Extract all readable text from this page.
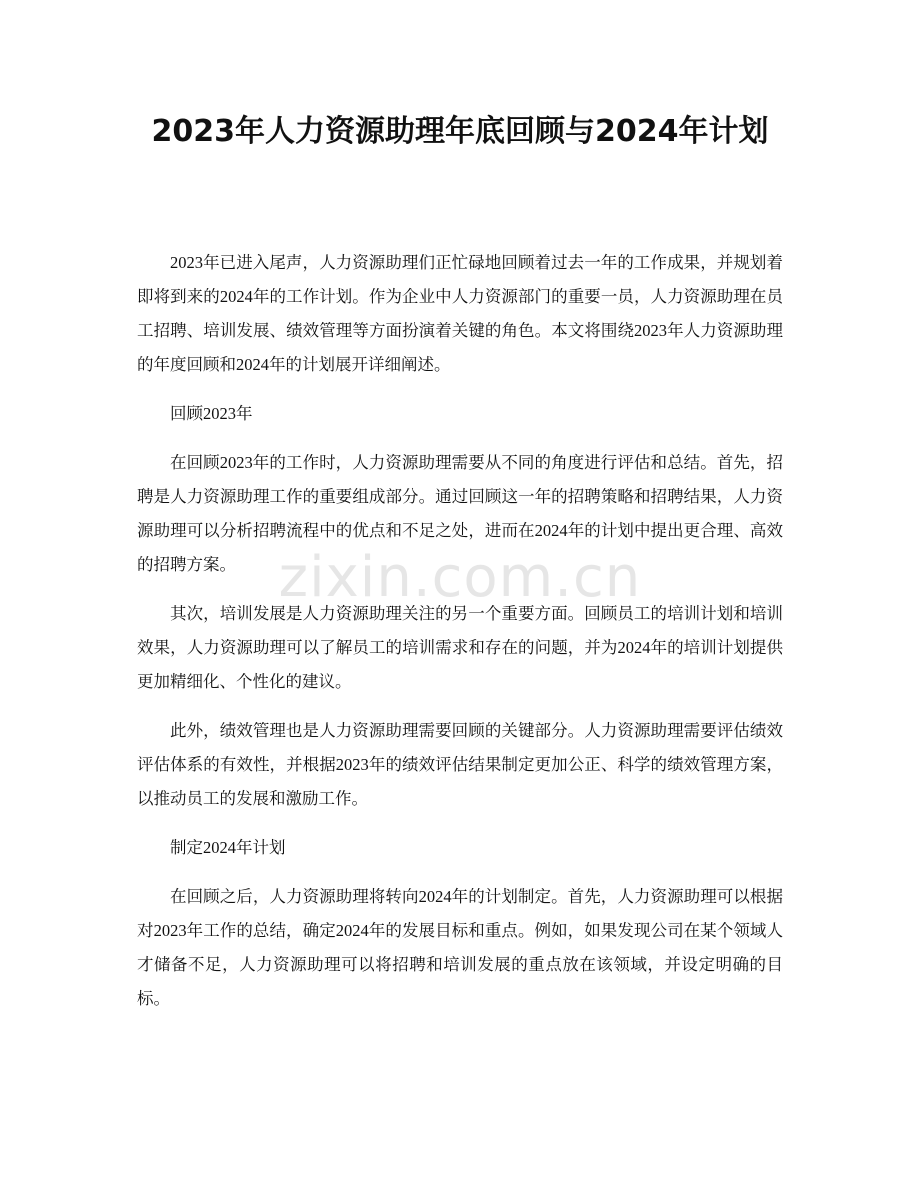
zixin.com.cn
2023年人力资源助理年底回顾与2024年计划

2023年已进入尾声，人力资源助理们正忙碌地回顾着过去一年的工作成果，并规划着即将到来的2024年的工作计划。作为企业中人力资源部门的重要一员，人力资源助理在员工招聘、培训发展、绩效管理等方面扮演着关键的角色。本文将围绕2023年人力资源助理的年度回顾和2024年的计划展开详细阐述。

回顾2023年

在回顾2023年的工作时，人力资源助理需要从不同的角度进行评估和总结。首先，招聘是人力资源助理工作的重要组成部分。通过回顾这一年的招聘策略和招聘结果，人力资源助理可以分析招聘流程中的优点和不足之处，进而在2024年的计划中提出更合理、高效的招聘方案。

其次，培训发展是人力资源助理关注的另一个重要方面。回顾员工的培训计划和培训效果，人力资源助理可以了解员工的培训需求和存在的问题，并为2024年的培训计划提供更加精细化、个性化的建议。

此外，绩效管理也是人力资源助理需要回顾的关键部分。人力资源助理需要评估绩效评估体系的有效性，并根据2023年的绩效评估结果制定更加公正、科学的绩效管理方案，以推动员工的发展和激励工作。

制定2024年计划

在回顾之后，人力资源助理将转向2024年的计划制定。首先，人力资源助理可以根据对2023年工作的总结，确定2024年的发展目标和重点。例如，如果发现公司在某个领域人才储备不足，人力资源助理可以将招聘和培训发展的重点放在该领域，并设定明确的目标。
